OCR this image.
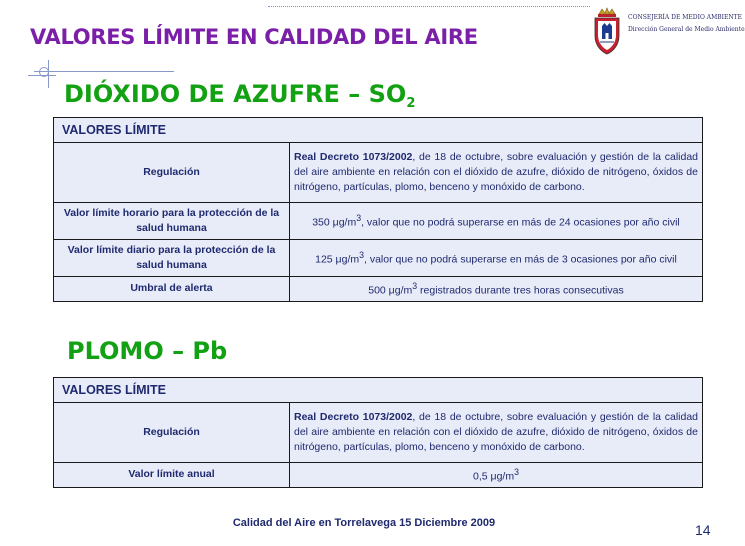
VALORES LÍMITE EN CALIDAD DEL AIRE
CONSEJERÍA DE MEDIO AMBIENTE
Dirección General de Medio Ambiente
DIÓXIDO DE AZUFRE – $SO_2$
VALORES LÍMITE	
Regulación	Real Decreto 1073/2002, de 18 de octubre, sobre evaluación y gestión de la calidad del aire ambiente en relación con el dióxido de azufre, dióxido de nitrógeno, óxidos de nitrógeno, partículas, plomo, benceno y monóxido de carbono.
Valor límite horario para la protección de la salud humana	350 $\mu g/m^3$, valor que no podrá superarse en más de 24 ocasiones por año civil
Valor límite diario para la protección de la salud humana	125 $\mu g/m^3$, valor que no podrá superarse en más de 3 ocasiones por año civil
Umbral de alerta	500 $\mu g/m^3$ registrados durante tres horas consecutivas
PLOMO – Pb
VALORES LÍMITE	
Regulación	Real Decreto 1073/2002, de 18 de octubre, sobre evaluación y gestión de la calidad del aire ambiente en relación con el dióxido de azufre, dióxido de nitrógeno, óxidos de nitrógeno, partículas, plomo, benceno y monóxido de carbono.
Valor límite anual	0,5 $\mu g/m^3$
Calidad del Aire en Torrelavega 15 Diciembre 2009	14
